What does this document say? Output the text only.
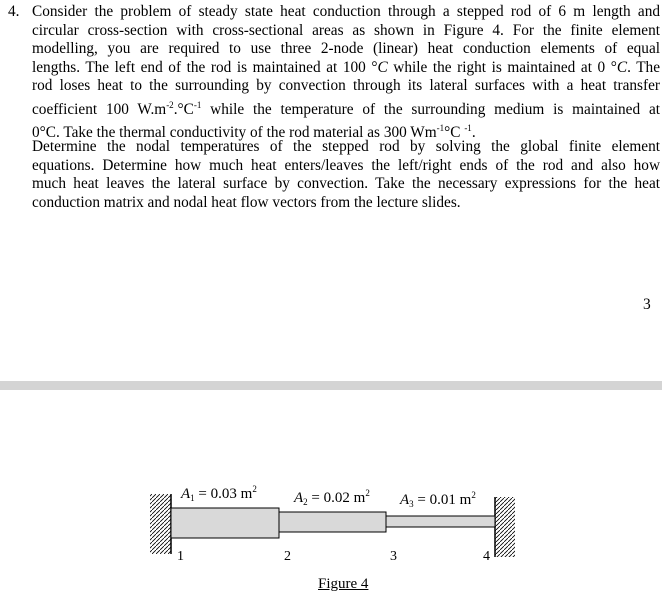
4. Consider the problem of steady state heat conduction through a stepped rod of 6 m length and
circular cross-section with cross-sectional areas as shown in Figure 4. For the finite element
modelling, you are required to use three 2-node (linear) heat conduction elements of equal
lengths. The left end of the rod is maintained at 100 °C while the right is maintained at 0 °C. The
rod loses heat to the surrounding by convection through its lateral surfaces with a heat transfer
coefficient 100 $W.m^{-2}.^\circ C^{-1}$ while the temperature of the surrounding medium is maintained at
0°C. Take the thermal conductivity of the rod material as 300 $Wm^{-1}^\circ C$ $^{-1}$.
Determine the nodal temperatures of the stepped rod by solving the global finite element
equations. Determine how much heat enters/leaves the left/right ends of the rod and also how
much heat leaves the lateral surface by convection. Take the necessary expressions for the heat
conduction matrix and nodal heat flow vectors from the lecture slides.
3
$A_1 = 0.03$ $m^2$
$A_2 = 0.02$ $m^2$ $A_3 = 0.01$ $m^2$
1	2	3	4
Figure 4
